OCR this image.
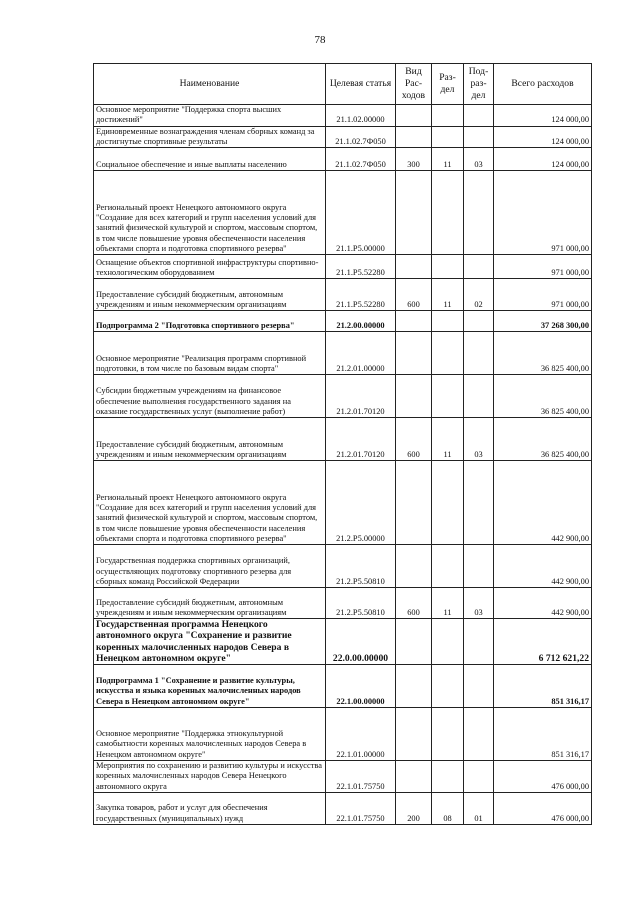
78
Наименование	Целевая статья	Вид Рас-ходов	Раз-дел	Под-раз-дел	Всего расходов
Основное мероприятие "Поддержка спорта высших достижений"	21.1.02.00000				124 000,00
Единовременные вознаграждения членам сборных команд за достигнутые спортивные результаты	21.1.02.7Ф050				124 000,00
Социальное обеспечение и иные выплаты населению	21.1.02.7Ф050	300	11	03	124 000,00
Региональный проект Ненецкого автономного округа "Создание для всех категорий и групп населения условий для занятий физической культурой и спортом, массовым спортом, в том числе повышение уровня обеспеченности населения объектами спорта и подготовка спортивного резерва"	21.1.P5.00000				971 000,00
Оснащение объектов спортивной инфраструктуры спортивно-технологическим оборудованием	21.1.P5.52280				971 000,00
Предоставление субсидий бюджетным, автономным учреждениям и иным некоммерческим организациям	21.1.P5.52280	600	11	02	971 000,00
Подпрограмма 2 "Подготовка спортивного резерва"	21.2.00.00000				37 268 300,00
Основное мероприятие "Реализация программ спортивной подготовки, в том числе по базовым видам спорта"	21.2.01.00000				36 825 400,00
Субсидии бюджетным учреждениям на финансовое обеспечение выполнения государственного задания на оказание государственных услуг (выполнение работ)	21.2.01.70120				36 825 400,00
Предоставление субсидий бюджетным, автономным учреждениям и иным некоммерческим организациям	21.2.01.70120	600	11	03	36 825 400,00
Региональный проект Ненецкого автономного округа "Создание для всех категорий и групп населения условий для занятий физической культурой и спортом, массовым спортом, в том числе повышение уровня обеспеченности населения объектами спорта и подготовка спортивного резерва"	21.2.P5.00000				442 900,00
Государственная поддержка спортивных организаций, осуществляющих подготовку спортивного резерва для сборных команд Российской Федерации	21.2.P5.50810				442 900,00
Предоставление субсидий бюджетным, автономным учреждениям и иным некоммерческим организациям	21.2.P5.50810	600	11	03	442 900,00
Государственная программа Ненецкого автономного округа "Сохранение и развитие коренных малочисленных народов Севера в Ненецком автономном округе"	22.0.00.00000				6 712 621,22
Подпрограмма 1 "Сохранение и развитие культуры, искусства и языка коренных малочисленных народов Севера в Ненецком автономном округе"	22.1.00.00000				851 316,17
Основное мероприятие "Поддержка этнокультурной самобытности коренных малочисленных народов Севера в Ненецком автономном округе"	22.1.01.00000				851 316,17
Мероприятия по сохранению и развитию культуры и искусства коренных малочисленных народов Севера Ненецкого автономного округа	22.1.01.75750				476 000,00
Закупка товаров, работ и услуг для обеспечения государственных (муниципальных) нужд	22.1.01.75750	200	08	01	476 000,00
